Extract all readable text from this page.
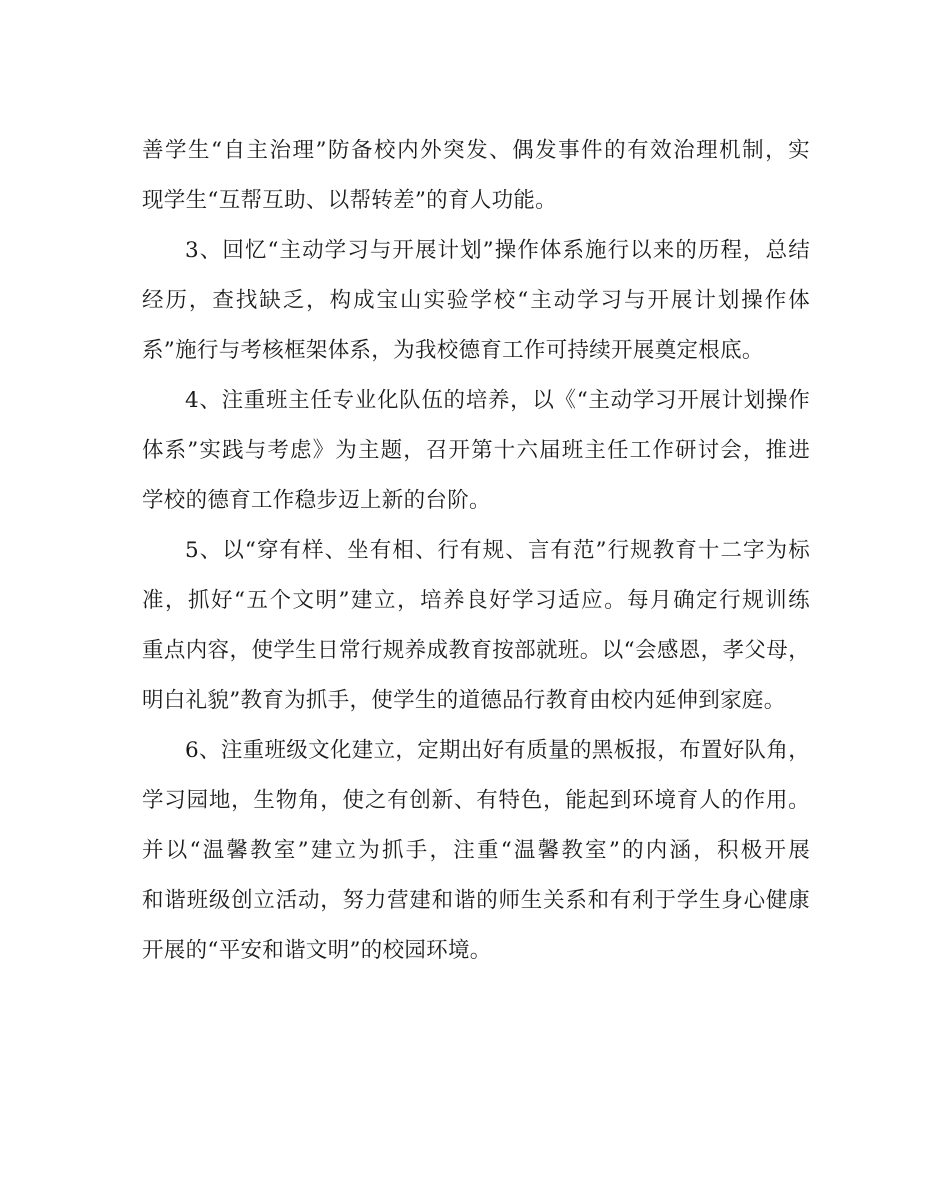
善学生“自主治理”防备校内外突发、偶发事件的有效治理机制，实
现学生“互帮互助、以帮转差”的育人功能。
3、回忆“主动学习与开展计划”操作体系施行以来的历程，总结
经历，查找缺乏，构成宝山实验学校“主动学习与开展计划操作体
系”施行与考核框架体系，为我校德育工作可持续开展奠定根底。
4、注重班主任专业化队伍的培养，以《“主动学习开展计划操作
体系”实践与考虑》为主题，召开第十六届班主任工作研讨会，推进
学校的德育工作稳步迈上新的台阶。
5、以“穿有样、坐有相、行有规、言有范”行规教育十二字为标
准，抓好“五个文明”建立，培养良好学习适应。每月确定行规训练
重点内容，使学生日常行规养成教育按部就班。以“会感恩，孝父母，
明白礼貌”教育为抓手，使学生的道德品行教育由校内延伸到家庭。
6、注重班级文化建立，定期出好有质量的黑板报，布置好队角，
学习园地，生物角，使之有创新、有特色，能起到环境育人的作用。
并以“温馨教室”建立为抓手，注重“温馨教室”的内涵，积极开展
和谐班级创立活动，努力营建和谐的师生关系和有利于学生身心健康
开展的“平安和谐文明”的校园环境。
